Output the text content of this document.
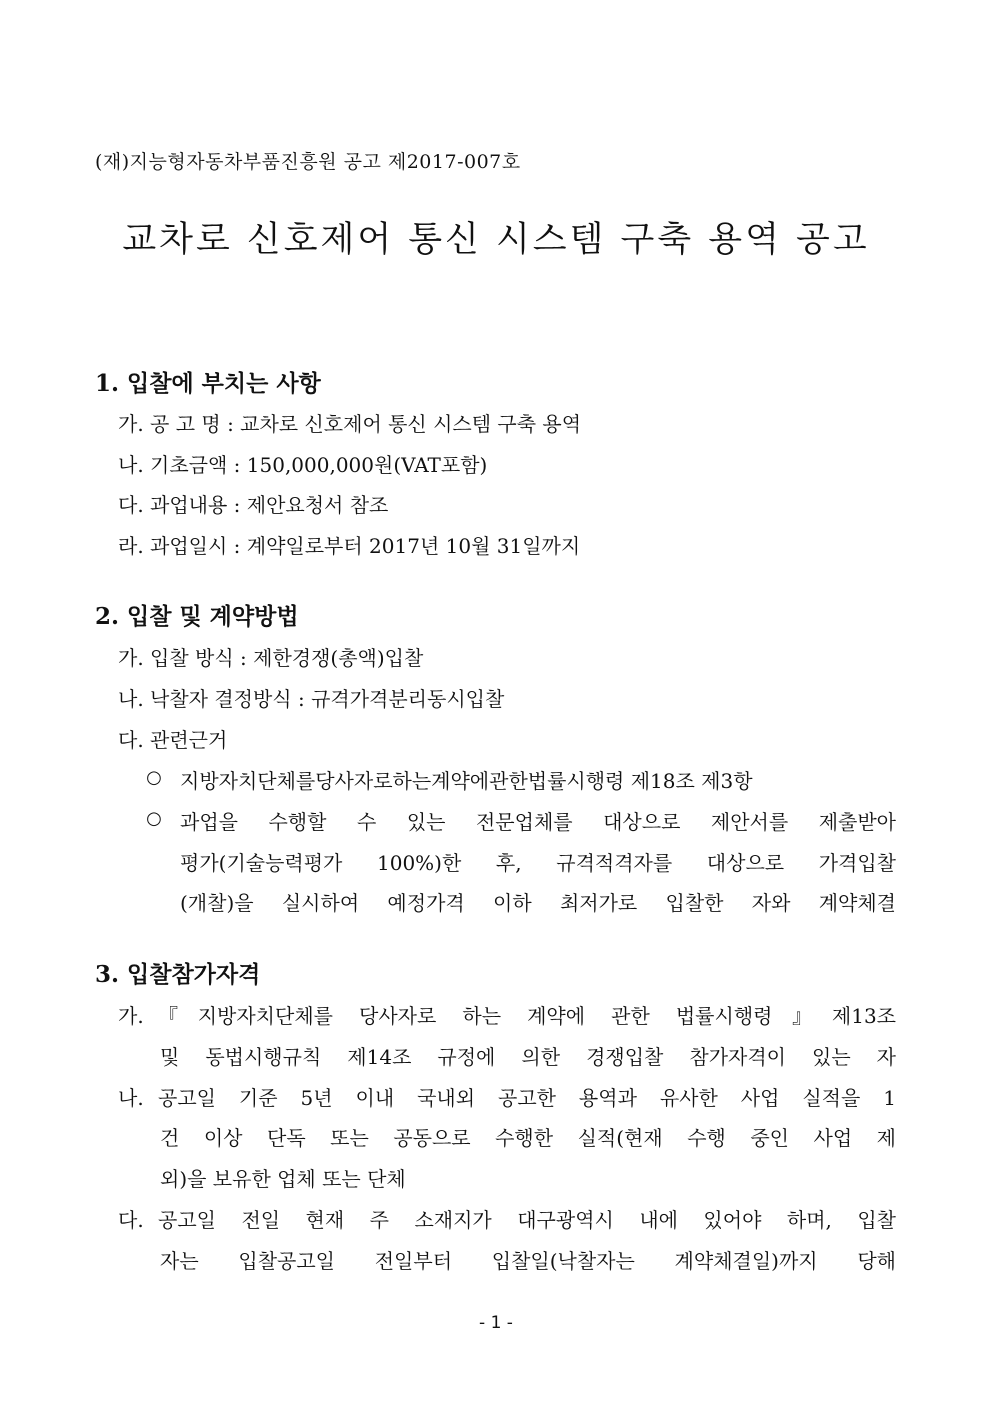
(재)지능형자동차부품진흥원 공고 제2017-007호
교차로 신호제어 통신 시스템 구축 용역 공고
1. 입찰에 부치는 사항
가. 공 고 명 : 교차로 신호제어 통신 시스템 구축 용역
나. 기초금액 : 150,000,000원(VAT포함)
다. 과업내용 : 제안요청서 참조
라. 과업일시 : 계약일로부터 2017년 10월 31일까지
2. 입찰 및 계약방법
가. 입찰 방식 : 제한경쟁(총액)입찰
나. 낙찰자 결정방식 : 규격가격분리동시입찰
다. 관련근거
○ 지방자치단체를당사자로하는계약에관한법률시행령 제18조 제3항
○ 과업을 수행할 수 있는 전문업체를 대상으로 제안서를 제출받아
평가(기술능력평가 100%)한 후, 규격적격자를 대상으로 가격입찰
(개찰)을 실시하여 예정가격 이하 최저가로 입찰한 자와 계약체결
3. 입찰참가자격
가. 『지방자치단체를 당사자로 하는 계약에 관한 법률시행령』제13조
및 동법시행규칙 제14조 규정에 의한 경쟁입찰 참가자격이 있는 자
나. 공고일 기준 5년 이내 국내외 공고한 용역과 유사한 사업 실적을 1
건 이상 단독 또는 공동으로 수행한 실적(현재 수행 중인 사업 제
외)을 보유한 업체 또는 단체
다. 공고일 전일 현재 주 소재지가 대구광역시 내에 있어야 하며, 입찰
자는 입찰공고일 전일부터 입찰일(낙찰자는 계약체결일)까지 당해
- 1 -
